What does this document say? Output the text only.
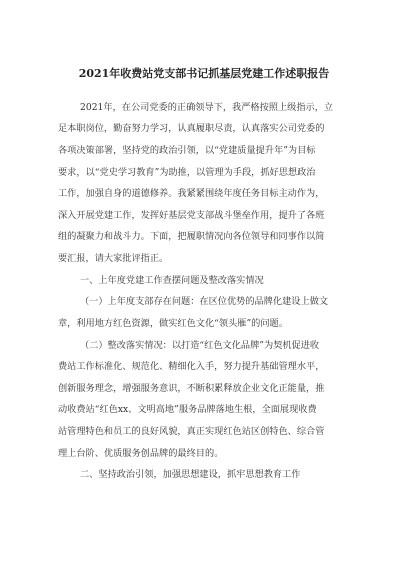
2021年收费站党支部书记抓基层党建工作述职报告
2021年，在公司党委的正确领导下，我严格按照上级指示，立
足本职岗位，勤奋努力学习，认真履职尽责，认真落实公司党委的
各项决策部署，坚持党的政治引领，以“党建质量提升年”为目标
要求，以“党史学习教育”为助推，以管理为手段，抓好思想政治
工作，加强自身的道德修养。我紧紧围绕年度任务目标主动作为，
深入开展党建工作，发挥好基层党支部战斗堡垒作用，提升了各班
组的凝聚力和战斗力。下面，把履职情况向各位领导和同事作以简
要汇报，请大家批评指正。
一、上年度党建工作查摆问题及整改落实情况
（一）上年度支部存在问题：在区位优势的品牌化建设上做文
章，利用地方红色资源，做实红色文化“领头雁”的问题。
（二）整改落实情况：以打造“红色文化品牌”为契机促进收
费站工作标准化、规范化、精细化入手，努力提升基础管理水平，
创新服务理念，增强服务意识，不断积累释放企业文化正能量，推
动收费站“红色xx、文明高地”服务品牌落地生根，全面展现收费
站管理特色和员工的良好风貌，真正实现红色站区创特色、综合管
理上台阶、优质服务创品牌的最终目的。
二、坚持政治引领，加强思想建设，抓牢思想教育工作
